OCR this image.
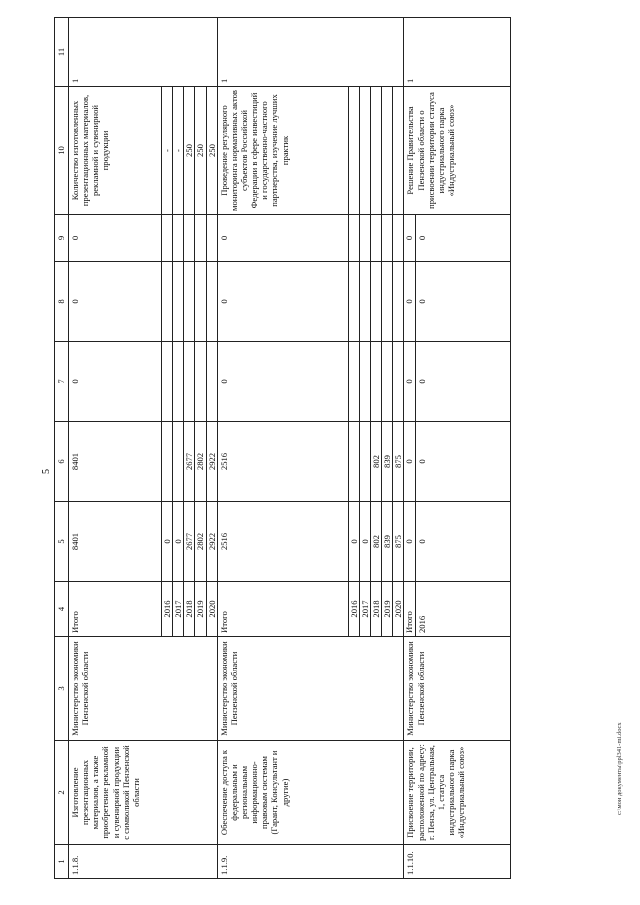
5
c:\мои документы\ppl341-mi.docx
1	2	3	4	5	6	7	8	9	10	11
1.1.8.	Изготовление презентационных материалов, а также приобретение рекламной и сувенирной продукции с символикой Пензенской области	Министерство экономики Пензенской области	Итого	8401	8401	0	0	0	Количество изготовленных презентационных материалов, рекламной и сувенирной продукции	1
			2016	0					-	
			2017	0					-	
			2018	2677	2677				250	
			2019	2802	2802				250	
			2020	2922	2922				250	
1.1.9.	Обеспечение доступа к федеральным и региональным информационно-правовым системам (Гарант, Консультант и другие)	Министерство экономики Пензенской области	Итого	2516	2516	0	0	0	Проведение регулярного мониторинга нормативных актов субъектов Российской Федерации в сфере инвестиций и государственно-частного партнерства, изучение лучших практик	1
			2016	0						
			2017	0						
			2018	802	802					
			2019	839	839					
			2020	875	875					
1.1.10.	Присвоение территории, расположенной по адресу: г. Пенза, ул. Центральная, 1, статуса индустриального парка «Индустриальный союз»	Министерство экономики Пензенской области	Итого	0	0	0	0	0	Решение Правительства Пензенской области о присвоении территории статуса индустриального парка «Индустриальный союз»	1
			2016	0	0	0	0	0		
